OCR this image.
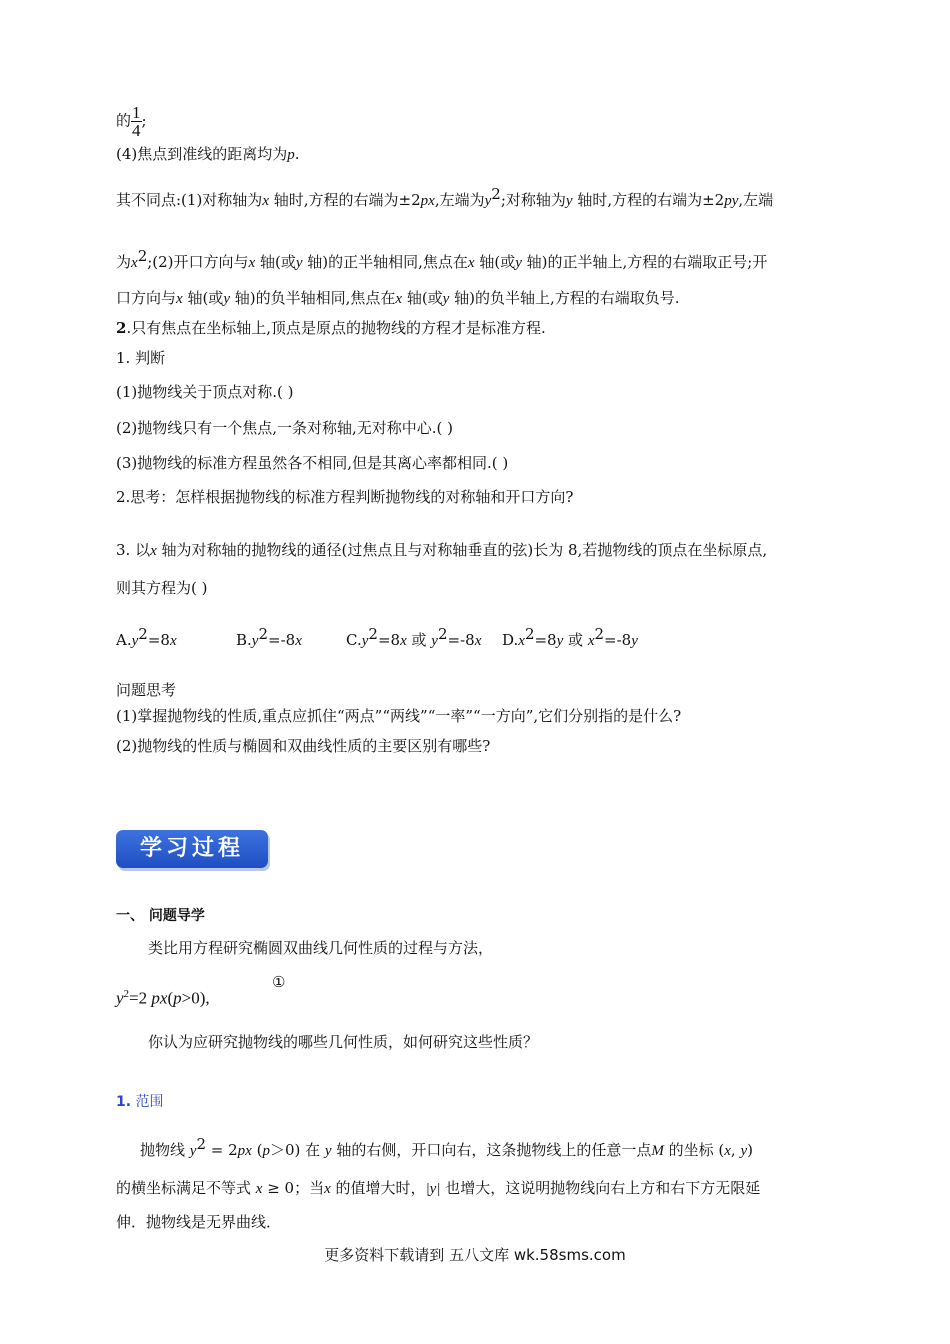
的 $\frac{1}{4}$ ;
(4)焦点到准线的距离均为p.
其不同点:(1)对称轴为x 轴时,方程的右端为±2px,左端为$y^2$;对称轴为y 轴时,方程的右端为±2py,左端
为$x^2;(2)$开口方向与x 轴(或y 轴)的正半轴相同,焦点在x 轴(或y 轴)的正半轴上,方程的右端取正号;开
口方向与x 轴(或y 轴)的负半轴相同,焦点在x 轴(或y 轴)的负半轴上,方程的右端取负号.
2.只有焦点在坐标轴上,顶点是原点的抛物线的方程才是标准方程.
1. 判断
(1)抛物线关于顶点对称.( )
(2)抛物线只有一个焦点,一条对称轴,无对称中心.( )
(3)抛物线的标准方程虽然各不相同,但是其离心率都相同.( )
2.思考：怎样根据抛物线的标准方程判断抛物线的对称轴和开口方向?
3. 以x 轴为对称轴的抛物线的通径(过焦点且与对称轴垂直的弦)长为 8,若抛物线的顶点在坐标原点,
则其方程为( )
$A.y^2=8x$	$B.y^2=-8x$	$C.y^2=8x$ 或 $y^2=-8x$ $D.x^2=8y$ 或 $x^2=-8y$
问题思考
(1)掌握抛物线的性质,重点应抓住“两点”“两线”“一率”“一方向”,它们分别指的是什么?
(2)抛物线的性质与椭圆和双曲线性质的主要区别有哪些?
学习过程
一、 问题导学
类比用方程研究椭圆双曲线几何性质的过程与方法，
$y^2=2$ px(p>0),
①
你认为应研究抛物线的哪些几何性质，如何研究这些性质？
1. 范围
抛物线 $y^2 = 2px$ (p＞0) 在 y 轴的右侧，开口向右，这条抛物线上的任意一点M 的坐标 (x, y)
的横坐标满足不等式 x ≥ 0；当x 的值增大时，|y| 也增大，这说明抛物线向右上方和右下方无限延
伸．抛物线是无界曲线．
更多资料下载请到 五八文库 wk.58sms.com
